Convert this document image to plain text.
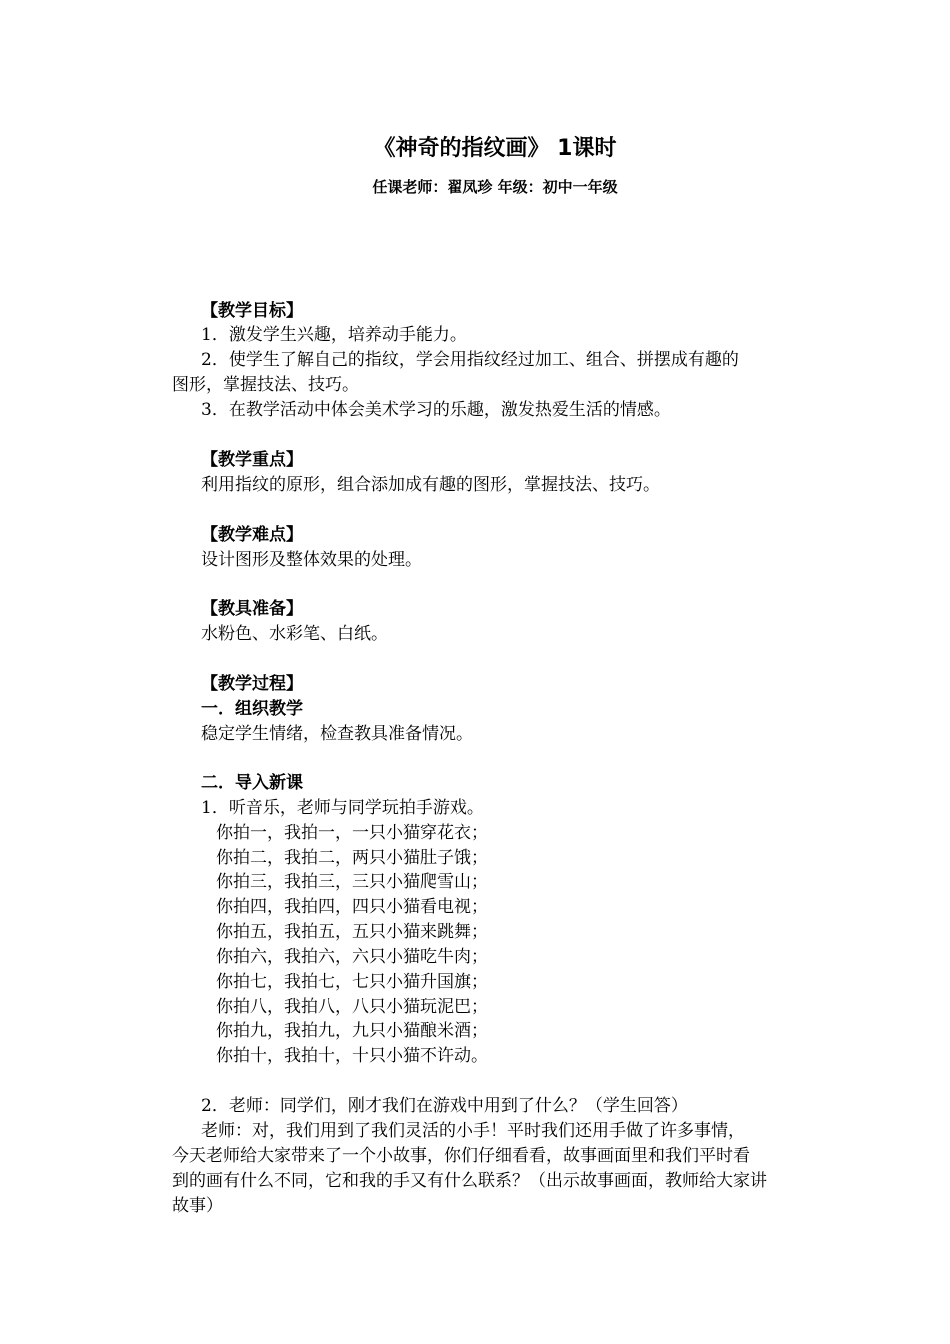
《神奇的指纹画》 1课时
任课老师：翟凤珍 年级：初中一年级
【教学目标】
1．激发学生兴趣，培养动手能力。
2．使学生了解自己的指纹，学会用指纹经过加工、组合、拼摆成有趣的
图形，掌握技法、技巧。
3．在教学活动中体会美术学习的乐趣，激发热爱生活的情感。
【教学重点】
利用指纹的原形，组合添加成有趣的图形，掌握技法、技巧。
【教学难点】
设计图形及整体效果的处理。
【教具准备】
水粉色、水彩笔、白纸。
【教学过程】
一．组织教学
稳定学生情绪，检查教具准备情况。
二．导入新课
1．听音乐，老师与同学玩拍手游戏。
你拍一，我拍一，一只小猫穿花衣；
你拍二，我拍二，两只小猫肚子饿；
你拍三，我拍三，三只小猫爬雪山；
你拍四，我拍四，四只小猫看电视；
你拍五，我拍五，五只小猫来跳舞；
你拍六，我拍六，六只小猫吃牛肉；
你拍七，我拍七，七只小猫升国旗；
你拍八，我拍八，八只小猫玩泥巴；
你拍九，我拍九，九只小猫酿米酒；
你拍十，我拍十，十只小猫不许动。
2．老师：同学们，刚才我们在游戏中用到了什么？（学生回答）
老师：对，我们用到了我们灵活的小手！平时我们还用手做了许多事情，
今天老师给大家带来了一个小故事，你们仔细看看，故事画面里和我们平时看
到的画有什么不同，它和我的手又有什么联系？（出示故事画面，教师给大家讲
故事）
